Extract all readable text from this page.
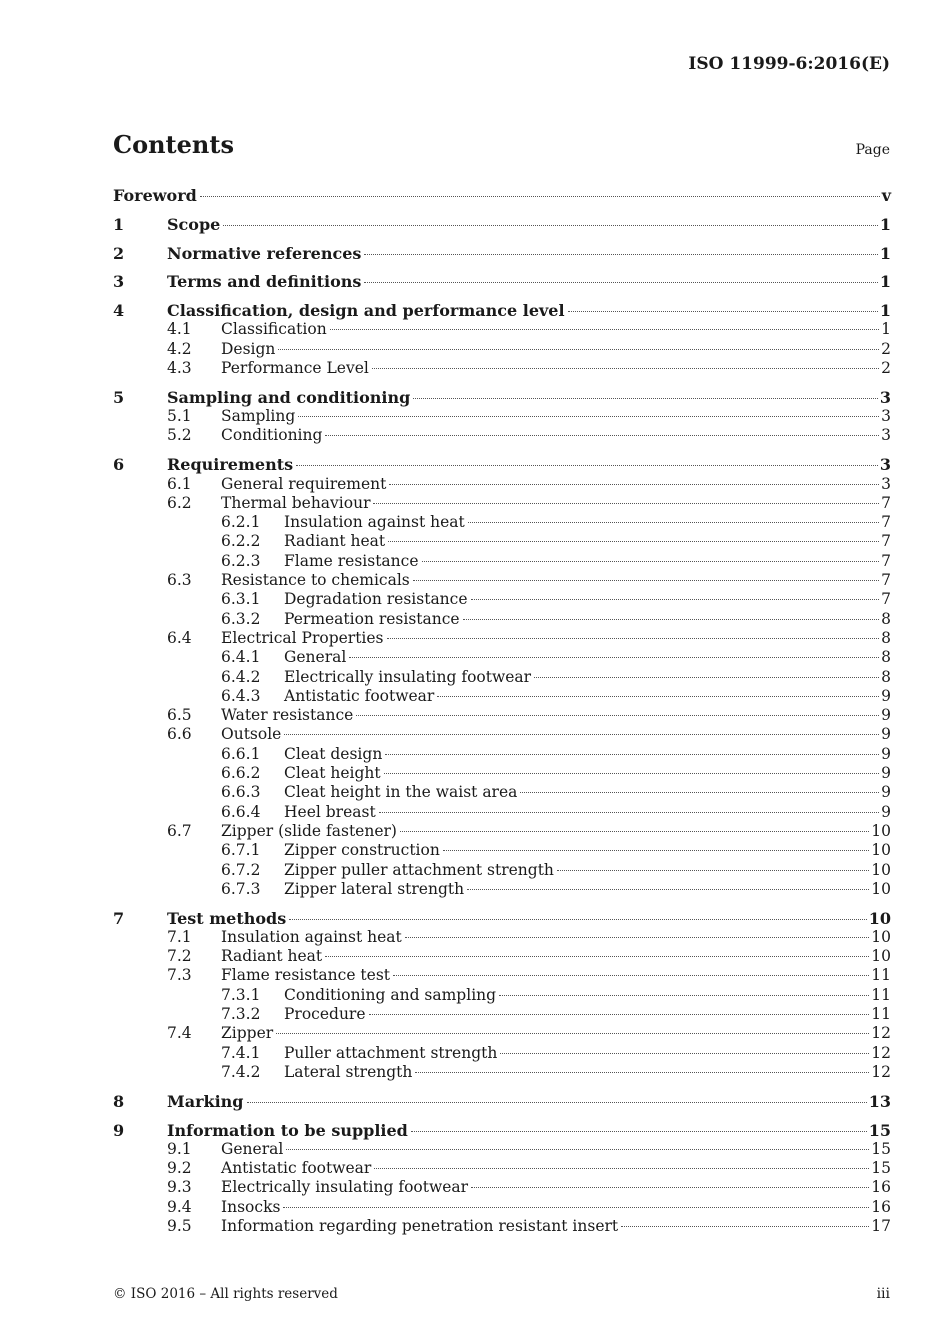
ISO 11999-6:2016(E)
Contents	Page
Foreword	v
1	Scope	1
2	Normative references	1
3	Terms and definitions	1
4	Classification, design and performance level	1
4.1	Classification	1
4.2	Design	2
4.3	Performance Level	2
5	Sampling and conditioning	3
5.1	Sampling	3
5.2	Conditioning	3
6	Requirements	3
6.1	General requirement	3
6.2	Thermal behaviour	7
6.2.1	Insulation against heat	7
6.2.2	Radiant heat	7
6.2.3	Flame resistance	7
6.3	Resistance to chemicals	7
6.3.1	Degradation resistance	7
6.3.2	Permeation resistance	8
6.4	Electrical Properties	8
6.4.1	General	8
6.4.2	Electrically insulating footwear	8
6.4.3	Antistatic footwear	9
6.5	Water resistance	9
6.6	Outsole	9
6.6.1	Cleat design	9
6.6.2	Cleat height	9
6.6.3	Cleat height in the waist area	9
6.6.4	Heel breast	9
6.7	Zipper (slide fastener)	10
6.7.1	Zipper construction	10
6.7.2	Zipper puller attachment strength	10
6.7.3	Zipper lateral strength	10
7	Test methods	10
7.1	Insulation against heat	10
7.2	Radiant heat	10
7.3	Flame resistance test	11
7.3.1	Conditioning and sampling	11
7.3.2	Procedure	11
7.4	Zipper	12
7.4.1	Puller attachment strength	12
7.4.2	Lateral strength	12
8	Marking	13
9	Information to be supplied	15
9.1	General	15
9.2	Antistatic footwear	15
9.3	Electrically insulating footwear	16
9.4	Insocks	16
9.5	Information regarding penetration resistant insert	17
© ISO 2016 – All rights reserved	iii
